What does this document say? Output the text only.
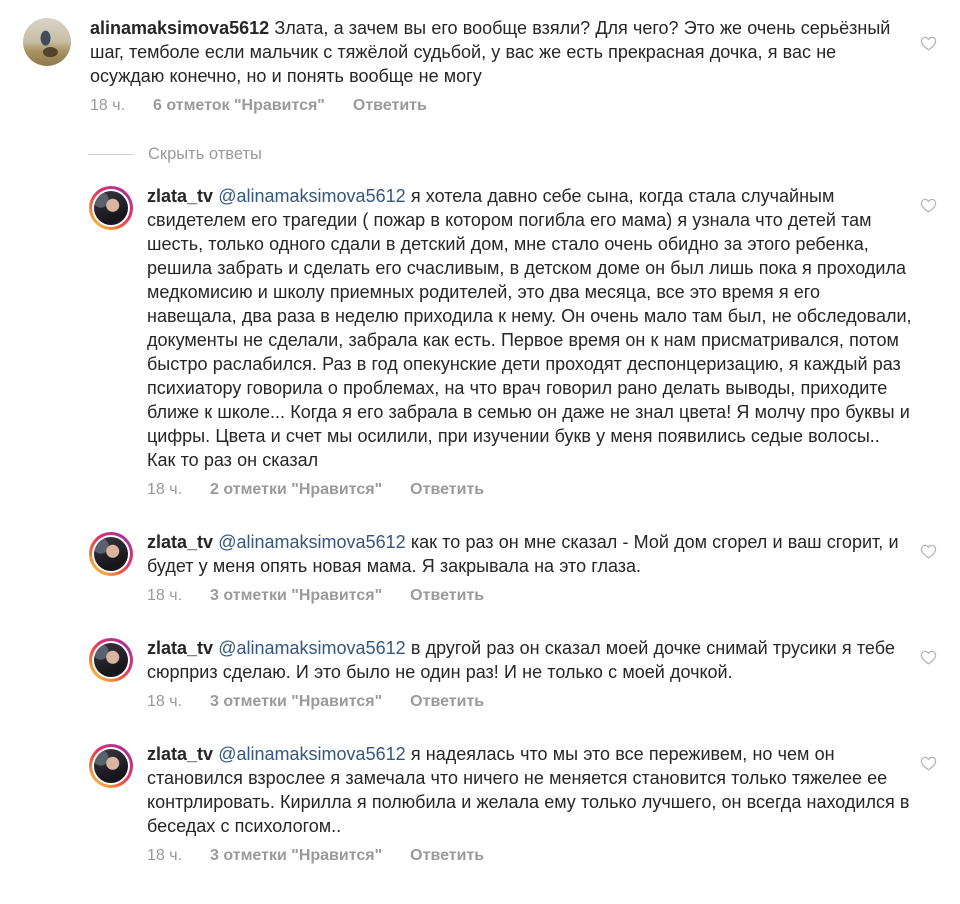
alinamaksimova5612 Злата, а зачем вы его вообще взяли? Для чего? Это же очень серьёзный шаг, темболе если мальчик с тяжёлой судьбой, у вас же есть прекрасная дочка, я вас не осуждаю конечно, но и понять вообще не могу
18 ч. 6 отметок "Нравится" Ответить
Скрыть ответы
zlata_tv @alinamaksimova5612 я хотела давно себе сына, когда стала случайным свидетелем его трагедии ( пожар в котором погибла его мама) я узнала что детей там шесть, только одного сдали в детский дом, мне стало очень обидно за этого ребенка, решила забрать и сделать его счасливым, в детском доме он был лишь пока я проходила медкомисию и школу приемных родителей, это два месяца, все это время я его навещала, два раза в неделю приходила к нему. Он очень мало там был, не обследовали, документы не сделали, забрала как есть. Первое время он к нам присматривался, потом быстро раслабился. Раз в год опекунские дети проходят деспонцеризацию, я каждый раз психиатору говорила о проблемах, на что врач говорил рано делать выводы, приходите ближе к школе... Когда я его забрала в семью он даже не знал цвета! Я молчу про буквы и цифры. Цвета и счет мы осилили, при изучении букв у меня появились седые волосы.. Как то раз он сказал
18 ч. 2 отметки "Нравится" Ответить
zlata_tv @alinamaksimova5612 как то раз он мне сказал - Мой дом сгорел и ваш сгорит, и будет у меня опять новая мама. Я закрывала на это глаза.
18 ч. 3 отметки "Нравится" Ответить
zlata_tv @alinamaksimova5612 в другой раз он сказал моей дочке снимай трусики я тебе сюрприз сделаю. И это было не один раз! И не только с моей дочкой.
18 ч. 3 отметки "Нравится" Ответить
zlata_tv @alinamaksimova5612 я надеялась что мы это все переживем, но чем он становился взрослее я замечала что ничего не меняется становится только тяжелее ее контрлировать. Кирилла я полюбила и желала ему только лучшего, он всегда находился в беседах с психологом..
18 ч. 3 отметки "Нравится" Ответить
